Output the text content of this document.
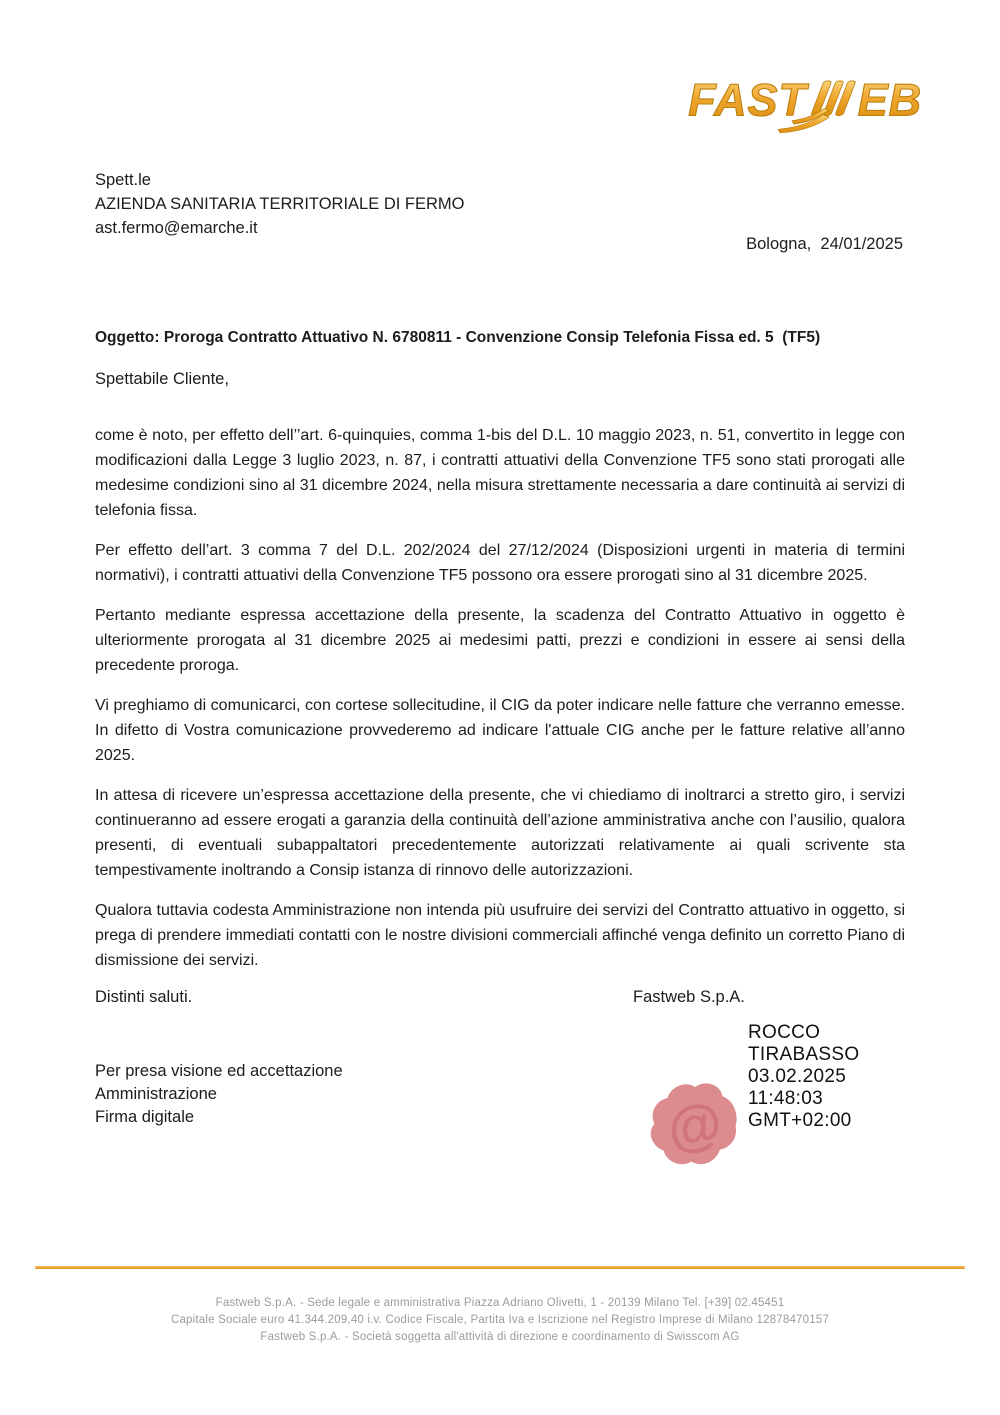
FAST EB
Spett.le
AZIENDA SANITARIA TERRITORIALE DI FERMO
ast.fermo@emarche.it
Bologna,  24/01/2025
Oggetto: Proroga Contratto Attuativo N. 6780811 - Convenzione Consip Telefonia Fissa ed. 5  (TF5)
Spettabile Cliente,

come è noto, per effetto dell’’art. 6-quinquies, comma 1-bis del D.L. 10 maggio 2023, n. 51, convertito in legge con modificazioni dalla Legge 3 luglio 2023, n. 87, i contratti attuativi della Convenzione TF5 sono stati prorogati alle medesime condizioni sino al 31 dicembre 2024, nella misura strettamente necessaria a dare continuità ai servizi di telefonia fissa.

Per effetto dell’art. 3 comma 7 del D.L. 202/2024 del 27/12/2024 (Disposizioni urgenti in materia di termini normativi), i contratti attuativi della Convenzione TF5 possono ora essere prorogati sino al 31 dicembre 2025.

Pertanto mediante espressa accettazione della presente, la scadenza del Contratto Attuativo in oggetto è ulteriormente prorogata al 31 dicembre 2025 ai medesimi patti, prezzi e condizioni in essere ai sensi della precedente proroga.

Vi preghiamo di comunicarci, con cortese sollecitudine, il CIG da poter indicare nelle fatture che verranno emesse. In difetto di Vostra comunicazione provvederemo ad indicare l'attuale CIG anche per le fatture relative all’anno 2025.

In attesa di ricevere un’espressa accettazione della presente, che vi chiediamo di inoltrarci a stretto giro, i servizi continueranno ad essere erogati a garanzia della continuità dell’azione amministrativa anche con l’ausilio, qualora presenti, di eventuali subappaltatori precedentemente autorizzati relativamente ai quali scrivente sta tempestivamente inoltrando a Consip istanza di rinnovo delle autorizzazioni.

Qualora tuttavia codesta Amministrazione non intenda più usufruire dei servizi del Contratto attuativo in oggetto, si prega di prendere immediati contatti con le nostre divisioni commerciali affinché venga definito un corretto Piano di dismissione dei servizi.

Distinti saluti.	Fastweb S.p.A.
Per presa visione ed accettazione
Amministrazione
Firma digitale	@
ROCCO
TIRABASSO
03.02.2025
11:48:03
GMT+02:00
Fastweb S.p.A. - Sede legale e amministrativa Piazza Adriano Olivetti, 1 - 20139 Milano Tel. [+39] 02.45451
Capitale Sociale euro 41.344.209,40 i.v. Codice Fiscale, Partita Iva e Iscrizione nel Registro Imprese di Milano 12878470157
Fastweb S.p.A. - Società soggetta all'attività di direzione e coordinamento di Swisscom AG
